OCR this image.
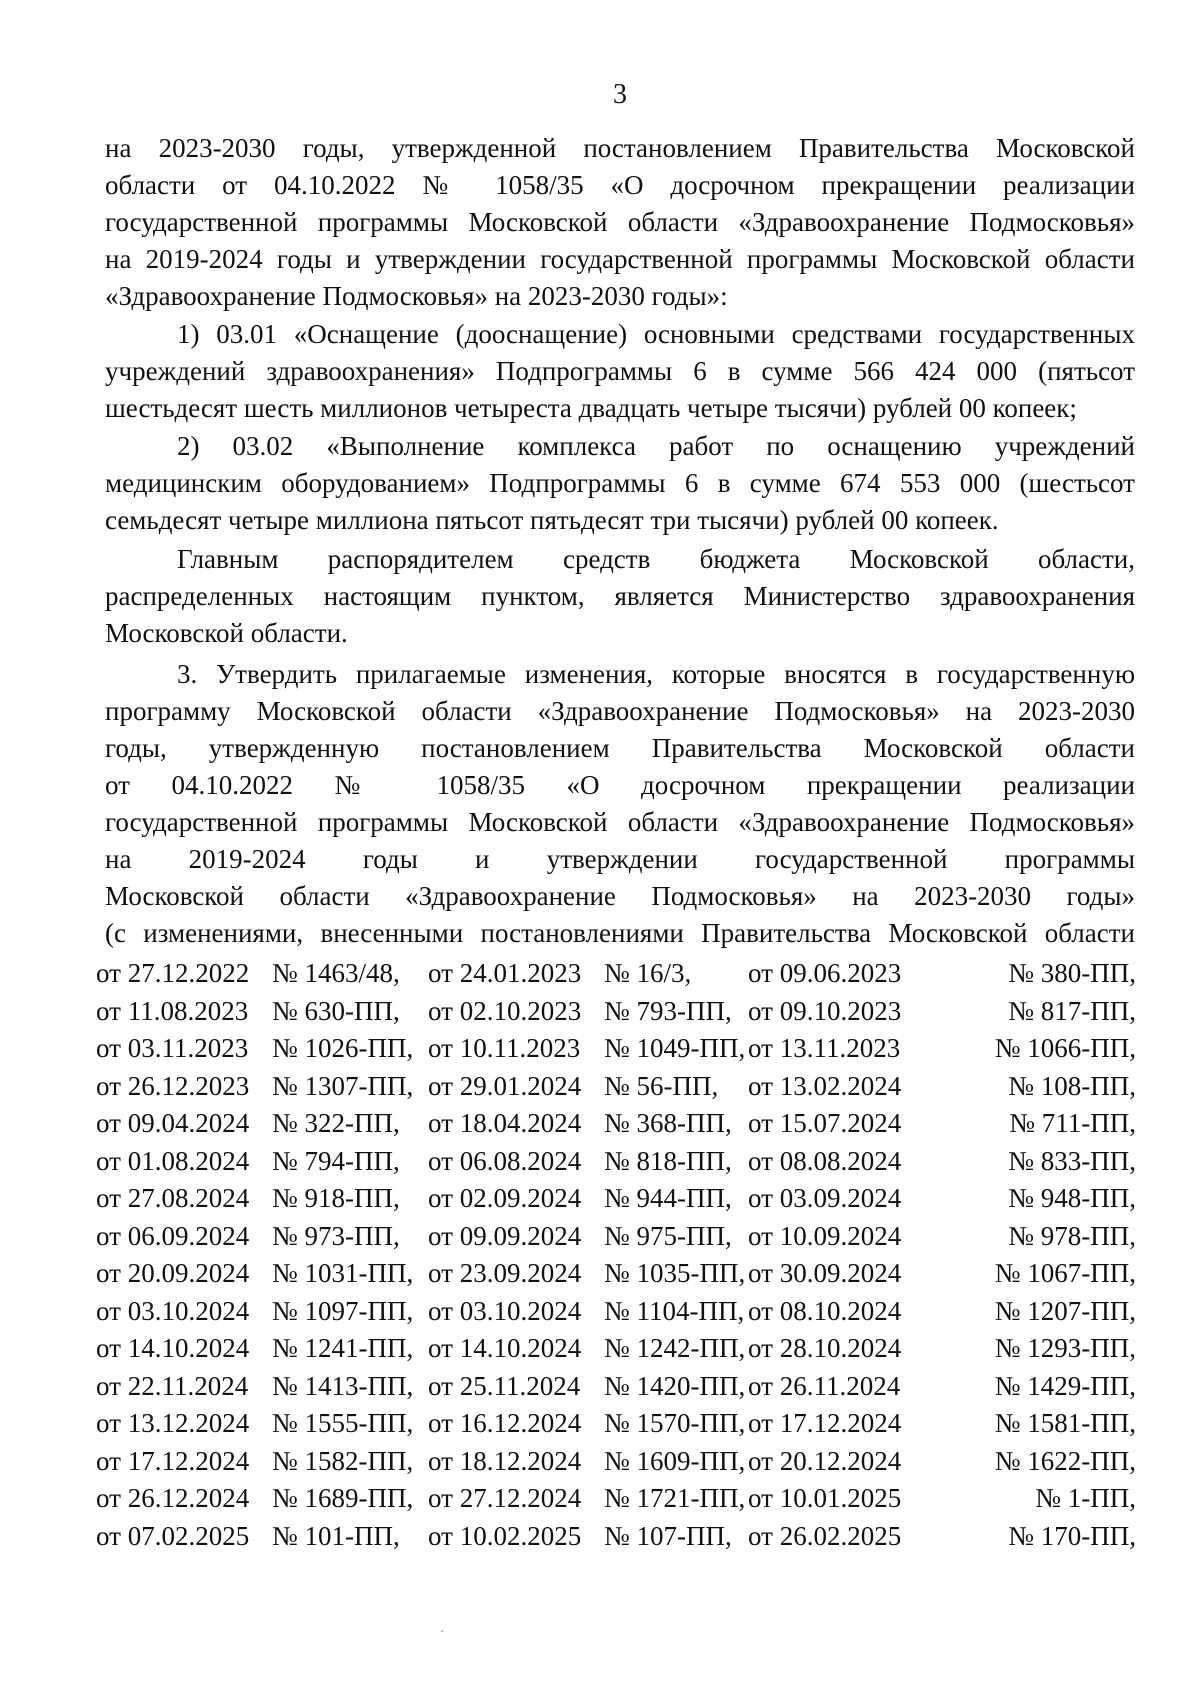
3
на 2023-2030 годы, утвержденной постановлением Правительства Московской
области от 04.10.2022 № 1058/35 «О досрочном прекращении реализации
государственной программы Московской области «Здравоохранение Подмосковья»
на 2019-2024 годы и утверждении государственной программы Московской области
«Здравоохранение Подмосковья» на 2023-2030 годы»:
1) 03.01 «Оснащение (дооснащение) основными средствами государственных
учреждений здравоохранения» Подпрограммы 6 в сумме 566 424 000 (пятьсот
шестьдесят шесть миллионов четыреста двадцать четыре тысячи) рублей 00 копеек;
2) 03.02 «Выполнение комплекса работ по оснащению учреждений
медицинским оборудованием» Подпрограммы 6 в сумме 674 553 000 (шестьсот
семьдесят четыре миллиона пятьсот пятьдесят три тысячи) рублей 00 копеек.
Главным распорядителем средств бюджета Московской области,
распределенных настоящим пунктом, является Министерство здравоохранения
Московской области.
3. Утвердить прилагаемые изменения, которые вносятся в государственную
программу Московской области «Здравоохранение Подмосковья» на 2023-2030
годы, утвержденную постановлением Правительства Московской области
от 04.10.2022 № 1058/35 «О досрочном прекращении реализации
государственной программы Московской области «Здравоохранение Подмосковья»
на 2019-2024 годы и утверждении государственной программы
Московской области «Здравоохранение Подмосковья» на 2023-2030 годы»
(с изменениями, внесенными постановлениями Правительства Московской области
от 27.12.2022 № 1463/48, от 24.01.2023 № 16/3, от 09.06.2023	№ 380-ПП,
от 11.08.2023 № 630-ПП, от 02.10.2023 № 793-ПП, от 09.10.2023	№ 817-ПП,
от 03.11.2023 № 1026-ПП, от 10.11.2023 № 1049-ПП, от 13.11.2023	№ 1066-ПП,
от 26.12.2023 № 1307-ПП, от 29.01.2024 № 56-ПП, от 13.02.2024	№ 108-ПП,
от 09.04.2024 № 322-ПП, от 18.04.2024 № 368-ПП, от 15.07.2024	№ 711-ПП,
от 01.08.2024 № 794-ПП, от 06.08.2024 № 818-ПП, от 08.08.2024	№ 833-ПП,
от 27.08.2024 № 918-ПП, от 02.09.2024 № 944-ПП, от 03.09.2024	№ 948-ПП,
от 06.09.2024 № 973-ПП, от 09.09.2024 № 975-ПП, от 10.09.2024	№ 978-ПП,
от 20.09.2024 № 1031-ПП, от 23.09.2024 № 1035-ПП, от 30.09.2024	№ 1067-ПП,
от 03.10.2024 № 1097-ПП, от 03.10.2024 № 1104-ПП, от 08.10.2024	№ 1207-ПП,
от 14.10.2024 № 1241-ПП, от 14.10.2024 № 1242-ПП, от 28.10.2024	№ 1293-ПП,
от 22.11.2024 № 1413-ПП, от 25.11.2024 № 1420-ПП, от 26.11.2024	№ 1429-ПП,
от 13.12.2024 № 1555-ПП, от 16.12.2024 № 1570-ПП, от 17.12.2024	№ 1581-ПП,
от 17.12.2024 № 1582-ПП, от 18.12.2024 № 1609-ПП, от 20.12.2024	№ 1622-ПП,
от 26.12.2024 № 1689-ПП, от 27.12.2024 № 1721-ПП, от 10.01.2025	№ 1-ПП,
от 07.02.2025 № 101-ПП, от 10.02.2025 № 107-ПП, от 26.02.2025	№ 170-ПП,
